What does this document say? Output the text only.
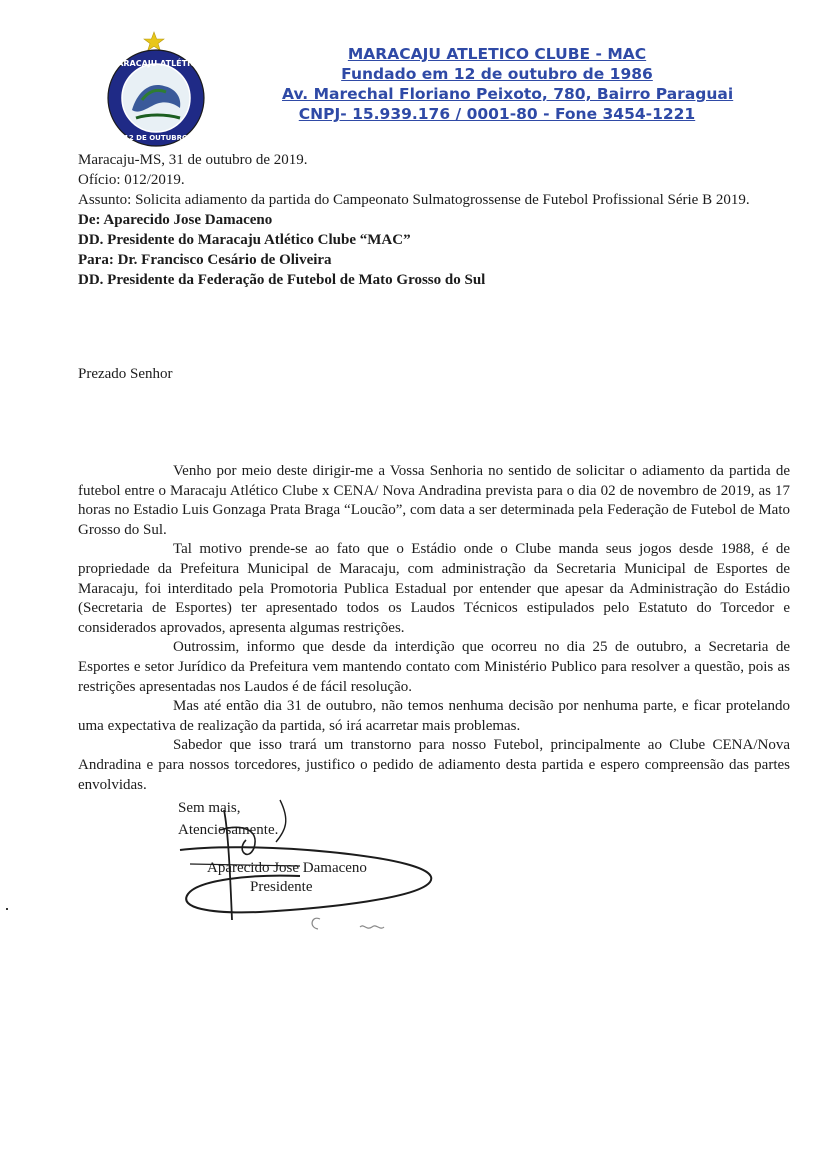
MARACAJU ATLÉTICO
12 DE OUTUBRO
MARACAJU ATLETICO CLUBE - MAC
Fundado em 12 de outubro de 1986
Av. Marechal Floriano Peixoto, 780, Bairro Paraguai
CNPJ- 15.939.176 / 0001-80 - Fone 3454-1221
Maracaju-MS, 31 de outubro de 2019.
Ofício: 012/2019.
Assunto: Solicita adiamento da partida do Campeonato Sulmatogrossense de Futebol Profissional Série B 2019.
De: Aparecido Jose Damaceno
DD. Presidente do Maracaju Atlético Clube “MAC”
Para: Dr. Francisco Cesário de Oliveira
DD. Presidente da Federação de Futebol de Mato Grosso do Sul
Prezado Senhor

Venho por meio deste dirigir-me a Vossa Senhoria no sentido de solicitar o adiamento da partida de futebol entre o Maracaju Atlético Clube x CENA/ Nova Andradina prevista para o dia 02 de novembro de 2019, as 17 horas no Estadio Luis Gonzaga Prata Braga “Loucão”, com data a ser determinada pela Federação de Futebol de Mato Grosso do Sul.

Tal motivo prende-se ao fato que o Estádio onde o Clube manda seus jogos desde 1988, é de propriedade da Prefeitura Municipal de Maracaju, com administração da Secretaria Municipal de Esportes de Maracaju, foi interditado pela Promotoria Publica Estadual por entender que apesar da Administração do Estádio (Secretaria de Esportes) ter apresentado todos os Laudos Técnicos estipulados pelo Estatuto do Torcedor e considerados aprovados, apresenta algumas restrições.

Outrossim, informo que desde da interdição que ocorreu no dia 25 de outubro, a Secretaria de Esportes e setor Jurídico da Prefeitura vem mantendo contato com Ministério Publico para resolver a questão, pois as restrições apresentadas nos Laudos é de fácil resolução.

Mas até então dia 31 de outubro, não temos nenhuma decisão por nenhuma parte, e ficar protelando uma expectativa de realização da partida, só irá acarretar mais problemas.

Sabedor que isso trará um transtorno para nosso Futebol, principalmente ao Clube CENA/Nova Andradina e para nossos torcedores, justifico o pedido de adiamento desta partida e espero compreensão das partes envolvidas.

Sem mais,
Atenciosamente.
Aparecido Jose Damaceno
Presidente
